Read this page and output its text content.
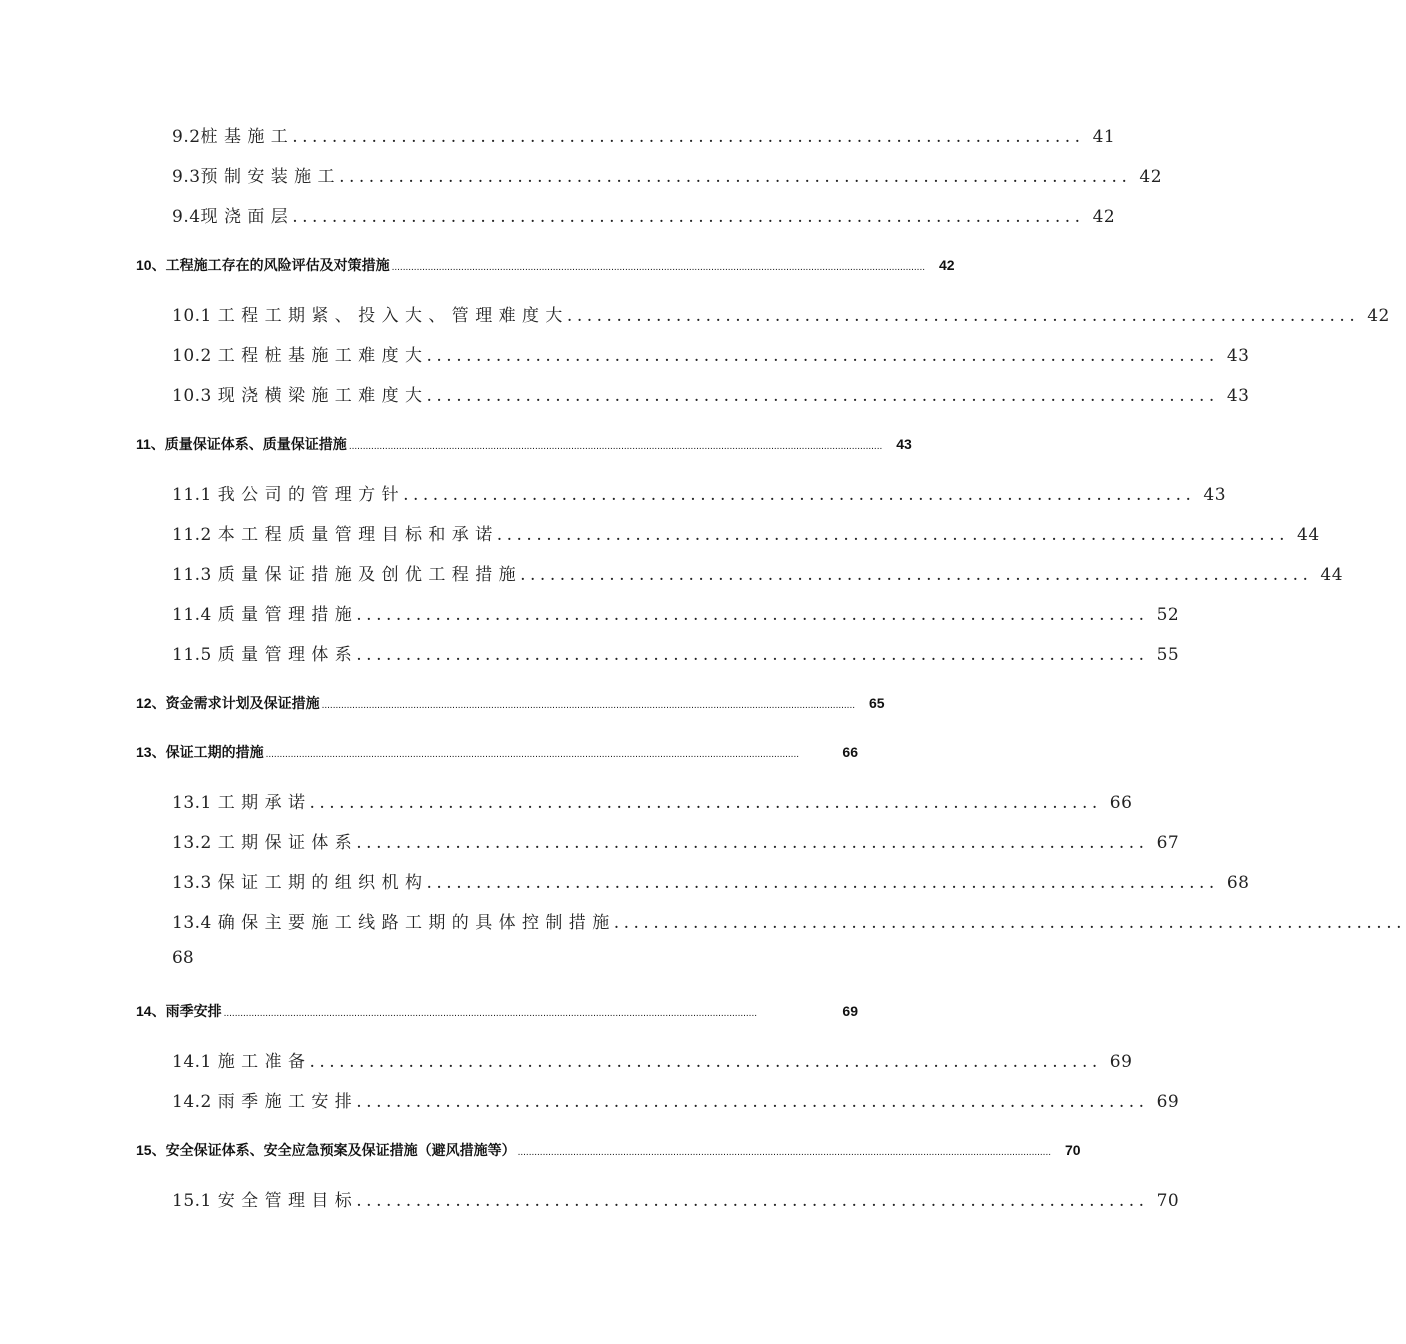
9.2桩 基 施 工 ................................................................................ 41
9.3预 制 安 装 施 工 ................................................................................ 42
9.4现 浇 面 层 ................................................................................ 42
10、工程施工存在的风险评估及对策措施 ................................................................................................................................................................................................ 42
10.1 工 程 工 期 紧 、 投 入 大 、 管 理 难 度 大 ................................................................................ 42
10.2 工 程 桩 基 施 工 难 度 大 ................................................................................ 43
10.3 现 浇 横 梁 施 工 难 度 大 ................................................................................ 43
11、质量保证体系、质量保证措施 ................................................................................................................................................................................................ 43
11.1 我 公 司 的 管 理 方 针 ................................................................................ 43
11.2 本 工 程 质 量 管 理 目 标 和 承 诺 ................................................................................ 44
11.3 质 量 保 证 措 施 及 创 优 工 程 措 施 ................................................................................ 44
11.4 质 量 管 理 措 施 ................................................................................ 52
11.5 质 量 管 理 体 系 ................................................................................ 55
12、资金需求计划及保证措施 ................................................................................................................................................................................................ 65
13、保证工期的措施 ................................................................................................................................................................................................	66
13.1 工 期 承 诺 ................................................................................ 66
13.2 工 期 保 证 体 系 ................................................................................ 67
13.3 保 证 工 期 的 组 织 机 构 ................................................................................ 68
13.4 确 保 主 要 施 工 线 路 工 期 的 具 体 控 制 措 施 ................................................................................
68
14、雨季安排 ................................................................................................................................................................................................	69
14.1 施 工 准 备 ................................................................................ 69
14.2 雨 季 施 工 安 排 ................................................................................ 69
15、安全保证体系、安全应急预案及保证措施（避风措施等） ................................................................................................................................................................................................ 70
15.1 安 全 管 理 目 标 ................................................................................ 70
